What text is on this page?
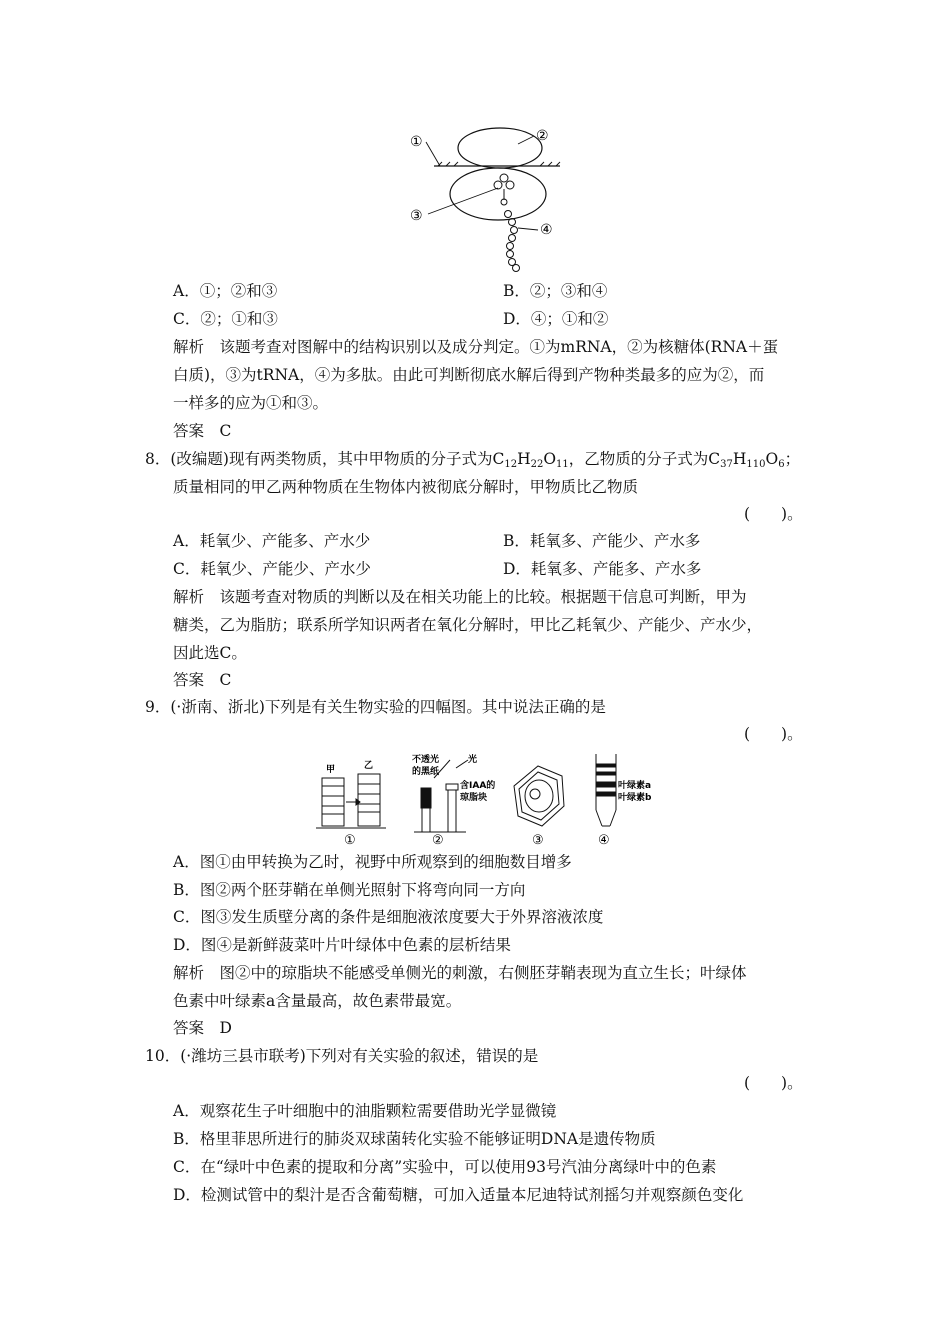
①	②
③
④
A．①；②和③	B．②；③和④
C．②；①和③	D．④；①和②
解析　该题考查对图解中的结构识别以及成分判定。①为mRNA，②为核糖体(RNA＋蛋
白质)，③为tRNA，④为多肽。由此可判断彻底水解后得到产物种类最多的应为②，而
一样多的应为①和③。
答案　C
8．(改编题)现有两类物质，其中甲物质的分子式为$C_{12}H_{22}O_{11}$，乙物质的分子式为$C_{37}H_{110}O_6$；
质量相同的甲乙两种物质在生物体内被彻底分解时，甲物质比乙物质
(　　)。
A．耗氧少、产能多、产水少	B．耗氧多、产能少、产水多
C．耗氧少、产能少、产水少	D．耗氧多、产能多、产水多
解析　该题考查对物质的判断以及在相关功能上的比较。根据题干信息可判断，甲为
糖类，乙为脂肪；联系所学知识两者在氧化分解时，甲比乙耗氧少、产能少、产水少，
因此选C。
答案　C
9．(·浙南、浙北)下列是有关生物实验的四幅图。其中说法正确的是
(　　)。
甲	乙
①
不透光
的黑纸
光
含IAA的
琼脂块
②	③
叶绿素a
叶绿素b
④
A．图①由甲转换为乙时，视野中所观察到的细胞数目增多
B．图②两个胚芽鞘在单侧光照射下将弯向同一方向
C．图③发生质壁分离的条件是细胞液浓度要大于外界溶液浓度
D．图④是新鲜菠菜叶片叶绿体中色素的层析结果
解析　图②中的琼脂块不能感受单侧光的刺激，右侧胚芽鞘表现为直立生长；叶绿体
色素中叶绿素a含量最高，故色素带最宽。
答案　D
10．(·潍坊三县市联考)下列对有关实验的叙述，错误的是
(　　)。
A．观察花生子叶细胞中的油脂颗粒需要借助光学显微镜
B．格里菲思所进行的肺炎双球菌转化实验不能够证明DNA是遗传物质
C．在“绿叶中色素的提取和分离”实验中，可以使用93号汽油分离绿叶中的色素
D．检测试管中的梨汁是否含葡萄糖，可加入适量本尼迪特试剂摇匀并观察颜色变化
